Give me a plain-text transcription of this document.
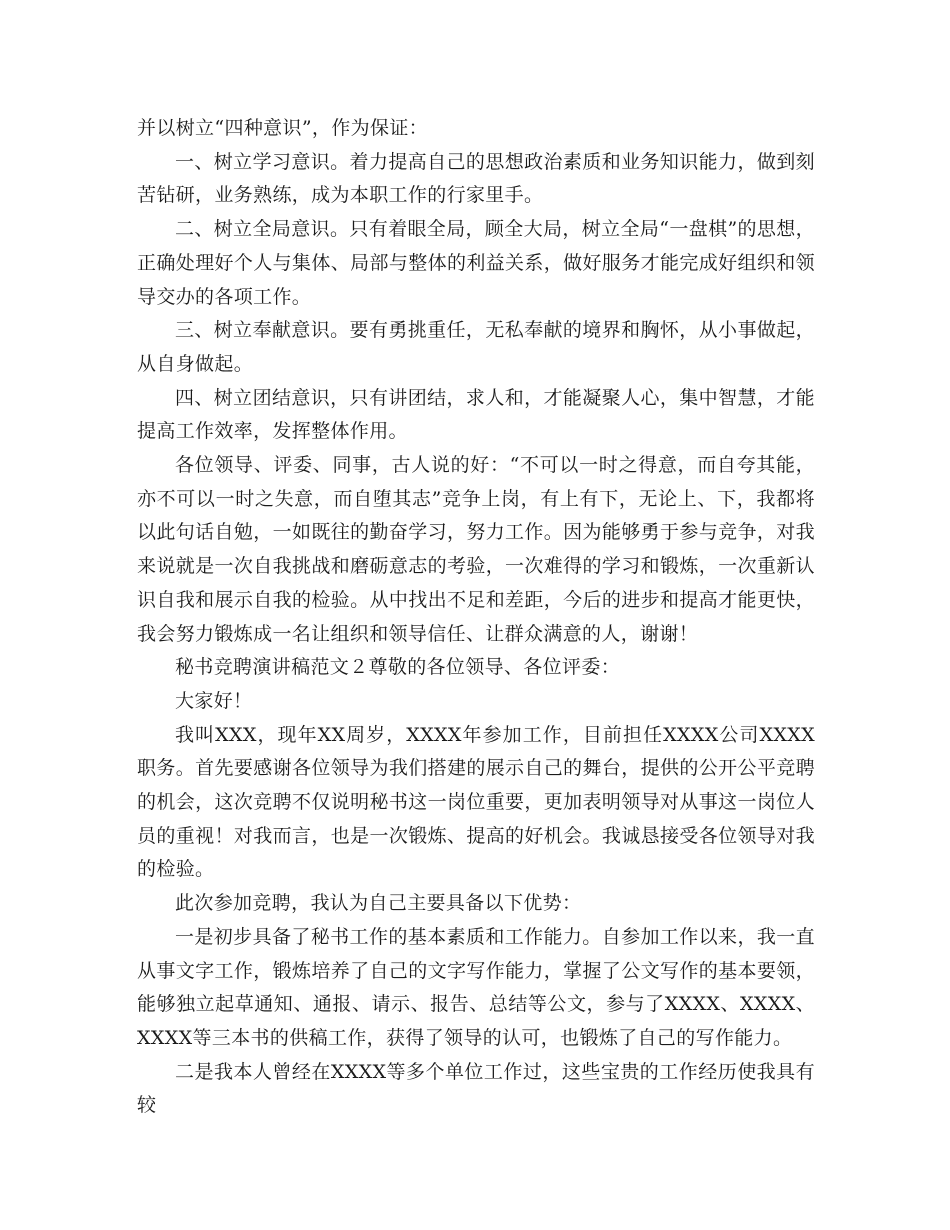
并以树立“四种意识”，作为保证：

一、树立学习意识。着力提高自己的思想政治素质和业务知识能力，做到刻苦钻研，业务熟练，成为本职工作的行家里手。

二、树立全局意识。只有着眼全局，顾全大局，树立全局“一盘棋”的思想，正确处理好个人与集体、局部与整体的利益关系，做好服务才能完成好组织和领导交办的各项工作。

三、树立奉献意识。要有勇挑重任，无私奉献的境界和胸怀，从小事做起，从自身做起。

四、树立团结意识，只有讲团结，求人和，才能凝聚人心，集中智慧，才能提高工作效率，发挥整体作用。

各位领导、评委、同事，古人说的好：“不可以一时之得意，而自夸其能，亦不可以一时之失意，而自堕其志”竞争上岗，有上有下，无论上、下，我都将以此句话自勉，一如既往的勤奋学习，努力工作。因为能够勇于参与竞争，对我来说就是一次自我挑战和磨砺意志的考验，一次难得的学习和锻炼，一次重新认识自我和展示自我的检验。从中找出不足和差距，今后的进步和提高才能更快，我会努力锻炼成一名让组织和领导信任、让群众满意的人，谢谢！

秘书竞聘演讲稿范文２尊敬的各位领导、各位评委：

大家好！

我叫XXX，现年XX周岁，XXXX年参加工作，目前担任XXXX公司XXXX职务。首先要感谢各位领导为我们搭建的展示自己的舞台，提供的公开公平竞聘的机会，这次竞聘不仅说明秘书这一岗位重要，更加表明领导对从事这一岗位人员的重视！对我而言，也是一次锻炼、提高的好机会。我诚恳接受各位领导对我的检验。

此次参加竞聘，我认为自己主要具备以下优势：

一是初步具备了秘书工作的基本素质和工作能力。自参加工作以来，我一直从事文字工作，锻炼培养了自己的文字写作能力，掌握了公文写作的基本要领，能够独立起草通知、通报、请示、报告、总结等公文，参与了XXXX、XXXX、XXXX等三本书的供稿工作，获得了领导的认可，也锻炼了自己的写作能力。

二是我本人曾经在XXXX等多个单位工作过，这些宝贵的工作经历使我具有较
